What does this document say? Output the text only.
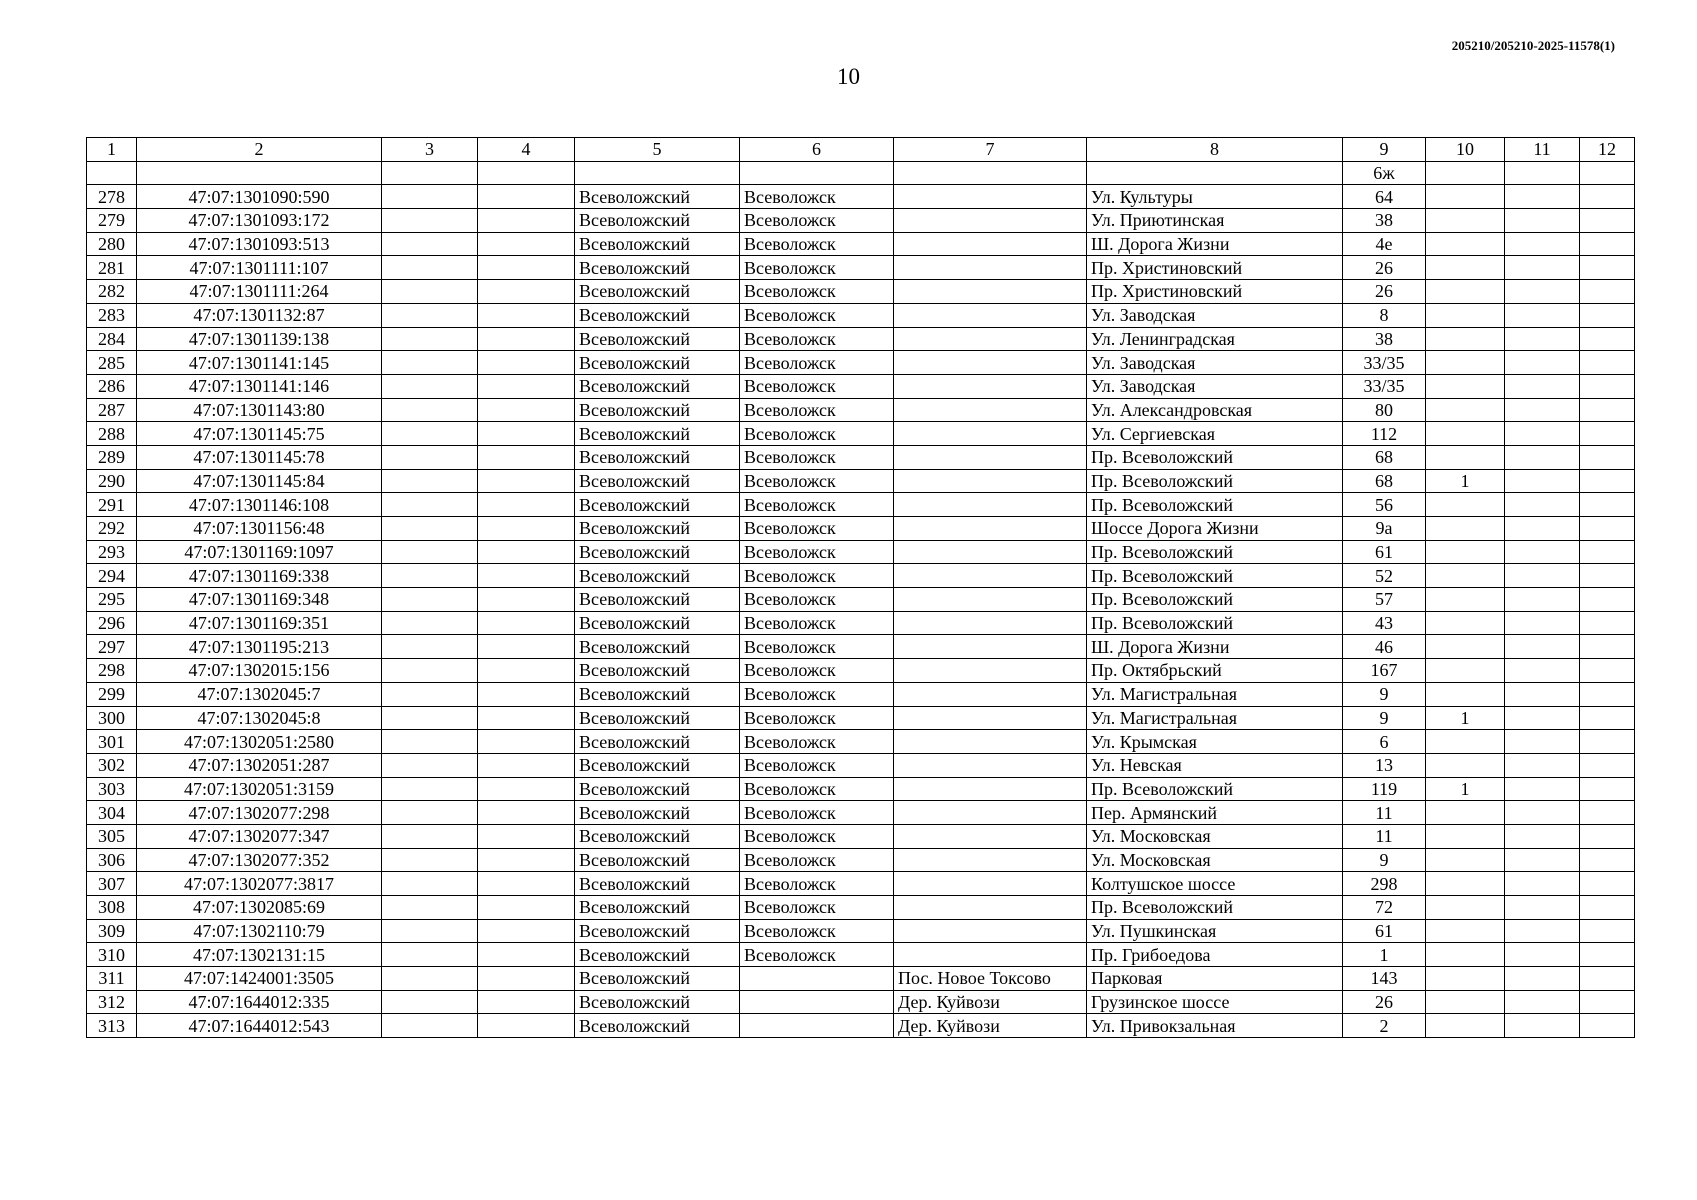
205210/205210-2025-11578(1)
10
1	2	3	4	5	6	7	8	9	10	11	12
								6ж			
278	47:07:1301090:590			Всеволожский	Всеволожск		Ул. Культуры	64			
279	47:07:1301093:172			Всеволожский	Всеволожск		Ул. Приютинская	38			
280	47:07:1301093:513			Всеволожский	Всеволожск		Ш. Дорога Жизни	4е			
281	47:07:1301111:107			Всеволожский	Всеволожск		Пр. Христиновский	26			
282	47:07:1301111:264			Всеволожский	Всеволожск		Пр. Христиновский	26			
283	47:07:1301132:87			Всеволожский	Всеволожск		Ул. Заводская	8			
284	47:07:1301139:138			Всеволожский	Всеволожск		Ул. Ленинградская	38			
285	47:07:1301141:145			Всеволожский	Всеволожск		Ул. Заводская	33/35			
286	47:07:1301141:146			Всеволожский	Всеволожск		Ул. Заводская	33/35			
287	47:07:1301143:80			Всеволожский	Всеволожск		Ул. Александровская	80			
288	47:07:1301145:75			Всеволожский	Всеволожск		Ул. Сергиевская	112			
289	47:07:1301145:78			Всеволожский	Всеволожск		Пр. Всеволожский	68			
290	47:07:1301145:84			Всеволожский	Всеволожск		Пр. Всеволожский	68	1		
291	47:07:1301146:108			Всеволожский	Всеволожск		Пр. Всеволожский	56			
292	47:07:1301156:48			Всеволожский	Всеволожск		Шоссе Дорога Жизни	9а			
293	47:07:1301169:1097			Всеволожский	Всеволожск		Пр. Всеволожский	61			
294	47:07:1301169:338			Всеволожский	Всеволожск		Пр. Всеволожский	52			
295	47:07:1301169:348			Всеволожский	Всеволожск		Пр. Всеволожский	57			
296	47:07:1301169:351			Всеволожский	Всеволожск		Пр. Всеволожский	43			
297	47:07:1301195:213			Всеволожский	Всеволожск		Ш. Дорога Жизни	46			
298	47:07:1302015:156			Всеволожский	Всеволожск		Пр. Октябрьский	167			
299	47:07:1302045:7			Всеволожский	Всеволожск		Ул. Магистральная	9			
300	47:07:1302045:8			Всеволожский	Всеволожск		Ул. Магистральная	9	1		
301	47:07:1302051:2580			Всеволожский	Всеволожск		Ул. Крымская	6			
302	47:07:1302051:287			Всеволожский	Всеволожск		Ул. Невская	13			
303	47:07:1302051:3159			Всеволожский	Всеволожск		Пр. Всеволожский	119	1		
304	47:07:1302077:298			Всеволожский	Всеволожск		Пер. Армянский	11			
305	47:07:1302077:347			Всеволожский	Всеволожск		Ул. Московская	11			
306	47:07:1302077:352			Всеволожский	Всеволожск		Ул. Московская	9			
307	47:07:1302077:3817			Всеволожский	Всеволожск		Колтушское шоссе	298			
308	47:07:1302085:69			Всеволожский	Всеволожск		Пр. Всеволожский	72			
309	47:07:1302110:79			Всеволожский	Всеволожск		Ул. Пушкинская	61			
310	47:07:1302131:15			Всеволожский	Всеволожск		Пр. Грибоедова	1			
311	47:07:1424001:3505			Всеволожский		Пос. Новое Токсово	Парковая	143			
312	47:07:1644012:335			Всеволожский		Дер. Куйвози	Грузинское шоссе	26			
313	47:07:1644012:543			Всеволожский		Дер. Куйвози	Ул. Привокзальная	2			
